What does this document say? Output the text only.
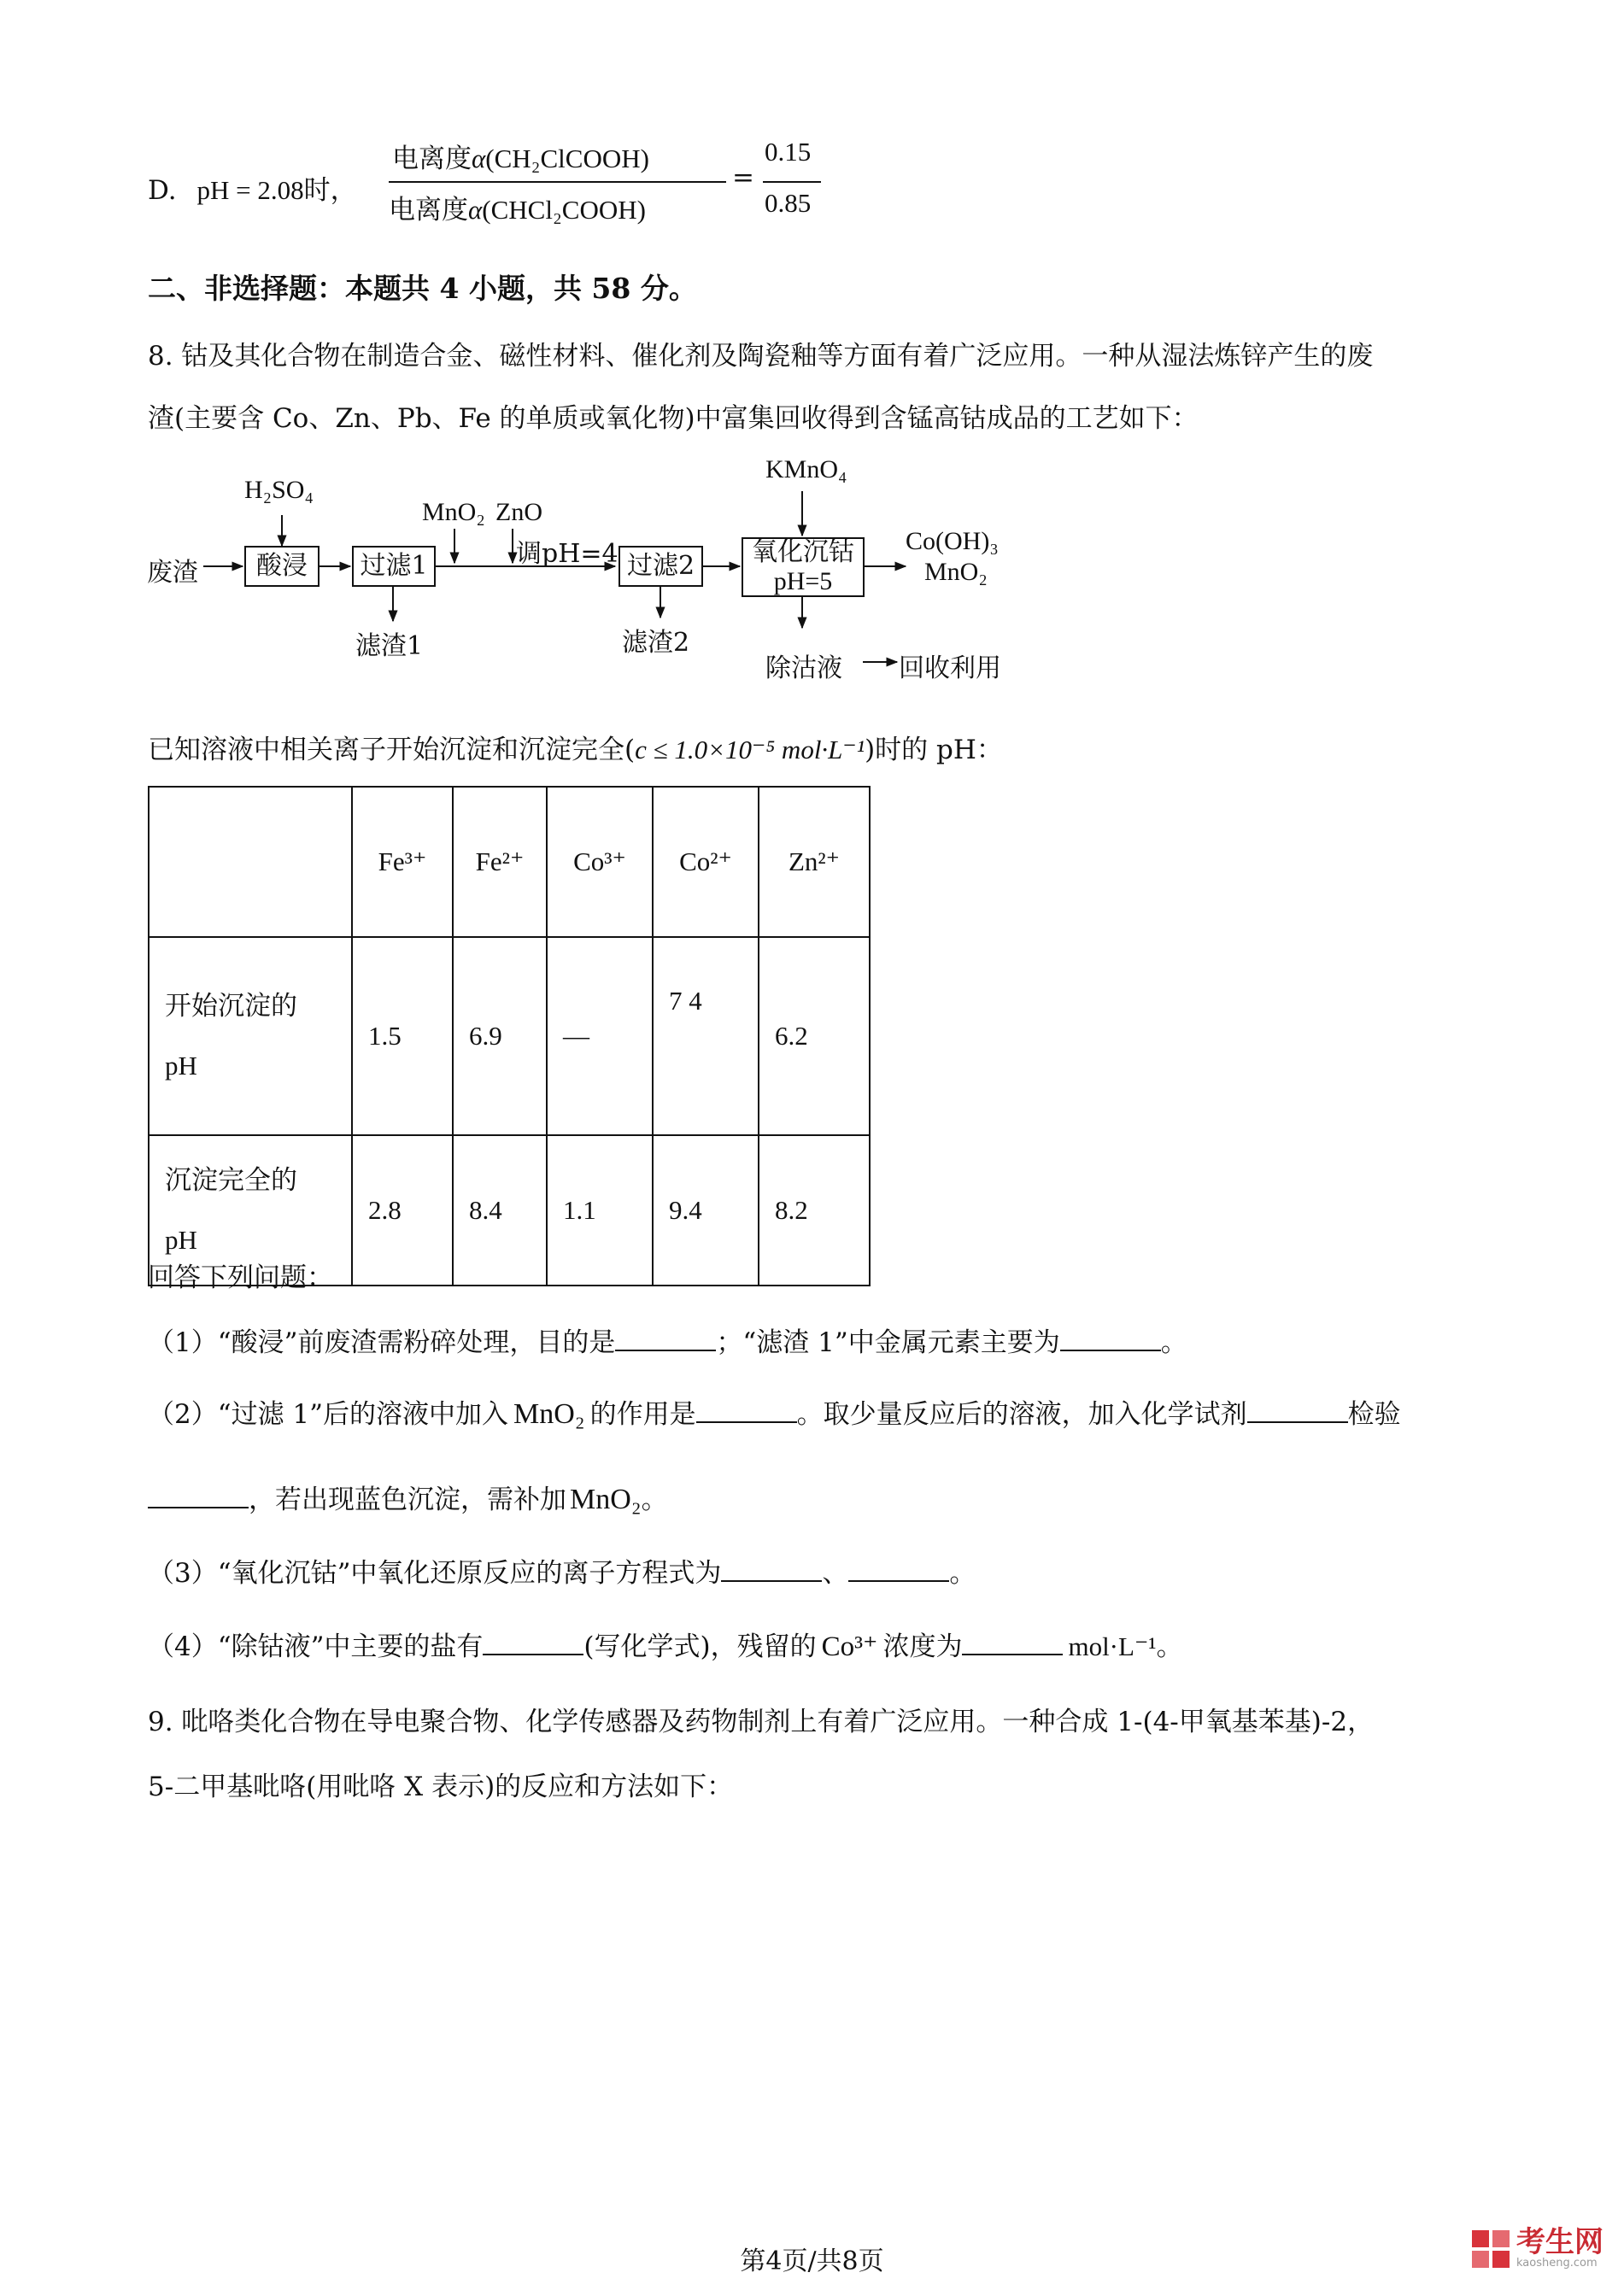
D. pH = 2.08时，
电离度α(CH₂ClCOOH)
电离度α(CHCl₂COOH)
=
0.15
0.85
二、非选择题：本题共 4 小题，共 58 分。
8. 钴及其化合物在制造合金、磁性材料、催化剂及陶瓷釉等方面有着广泛应用。一种从湿法炼锌产生的废
渣(主要含 Co、Zn、Pb、Fe 的单质或氧化物)中富集回收得到含锰高钴成品的工艺如下：
废渣
H₂SO₄
酸浸	过滤1
滤渣1
MnO₂ ZnO
调pH=4 过滤2
滤渣2
KMnO₄
氧化沉钴
pH=5
Co(OH)₃
MnO₂
除沽液 回收利用
已知溶液中相关离子开始沉淀和沉淀完全(c ≤ 1.0×10⁻⁵ mol·L⁻¹)时的 pH：
	Fe³⁺	Fe²⁺	Co³⁺	Co²⁺	Zn²⁺
开始沉淀的
pH	1.5	6.9	—	7 4	6.2
沉淀完全的
pH	2.8	8.4	1.1	9.4	8.2
回答下列问题：
（1）“酸浸”前废渣需粉碎处理，目的是	；“滤渣 1”中金属元素主要为	。
（2）“过滤 1”后的溶液中加入 MnO₂ 的作用是	。取少量反应后的溶液，加入化学试剂	检验
，若出现蓝色沉淀，需补加 MnO₂。
（3）“氧化沉钴”中氧化还原反应的离子方程式为	、	。
（4）“除钴液”中主要的盐有	(写化学式)，残留的 Co³⁺ 浓度为	mol·L⁻¹。
9. 吡咯类化合物在导电聚合物、化学传感器及药物制剂上有着广泛应用。一种合成 1-(4-甲氧基苯基)-2，
5-二甲基吡咯(用吡咯 X 表示)的反应和方法如下：
第4页/共8页
考生网
kaosheng.com
